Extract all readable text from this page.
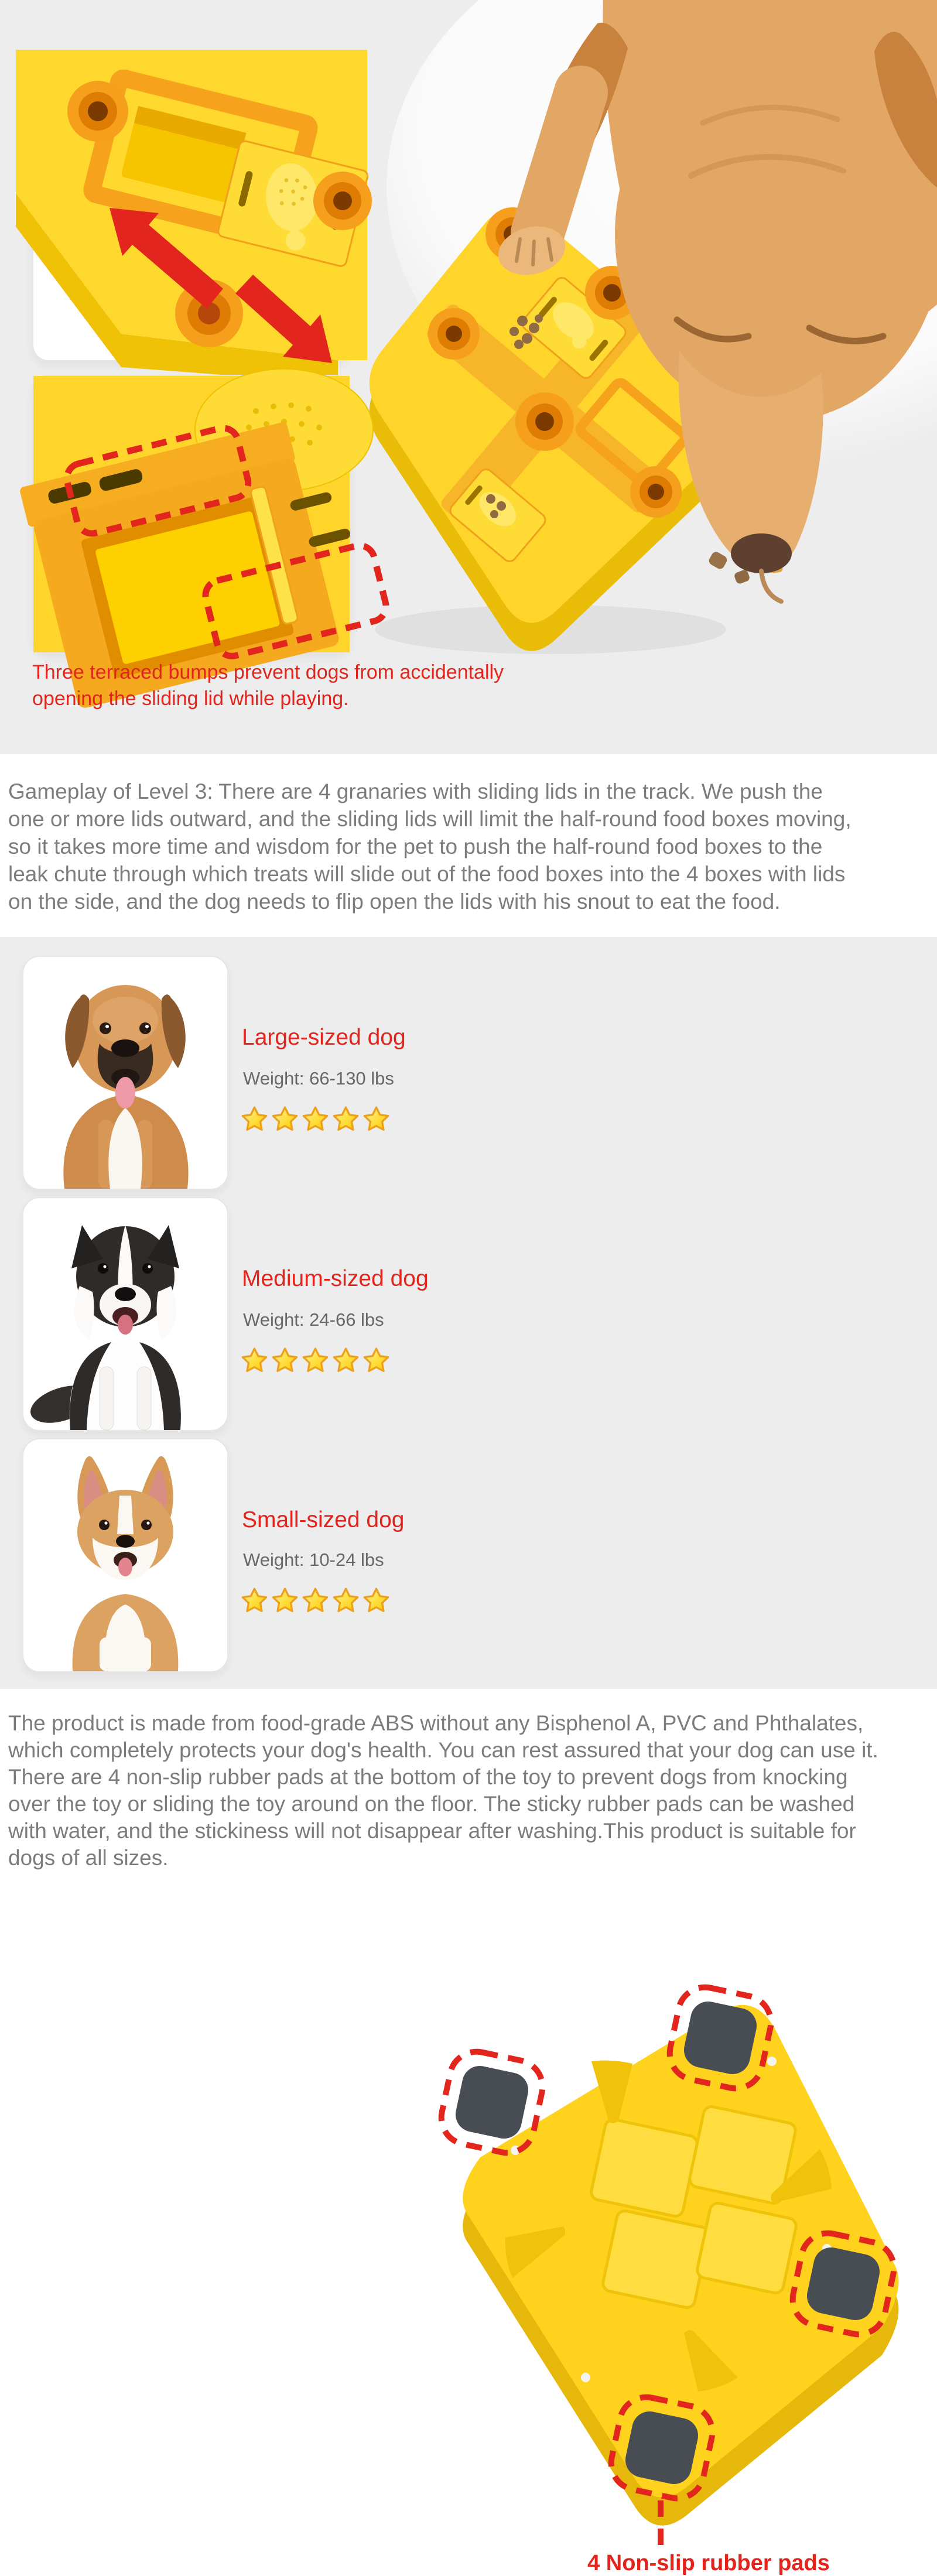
Three terraced bumps prevent dogs from accidentally
opening the sliding lid while playing.
Gameplay of Level 3: There are 4 granaries with sliding lids in the track. We push the
one or more lids outward, and the sliding lids will limit the half-round food boxes moving,
so it takes more time and wisdom for the pet to push the half-round food boxes to the
leak chute through which treats will slide out of the food boxes into the 4 boxes with lids
on the side, and the dog needs to flip open the lids with his snout to eat the food.
Large-sized dog
Weight: 66-130 lbs
Medium-sized dog
Weight: 24-66 lbs
Small-sized dog
Weight: 10-24 lbs
4 Non-slip rubber pads
The product is made from food-grade ABS without any Bisphenol A, PVC and Phthalates,
which completely protects your dog's health. You can rest assured that your dog can use it.
There are 4 non-slip rubber pads at the bottom of the toy to prevent dogs from knocking
over the toy or sliding the toy around on the floor. The sticky rubber pads can be washed
with water, and the stickiness will not disappear after washing.This product is suitable for
dogs of all sizes.
